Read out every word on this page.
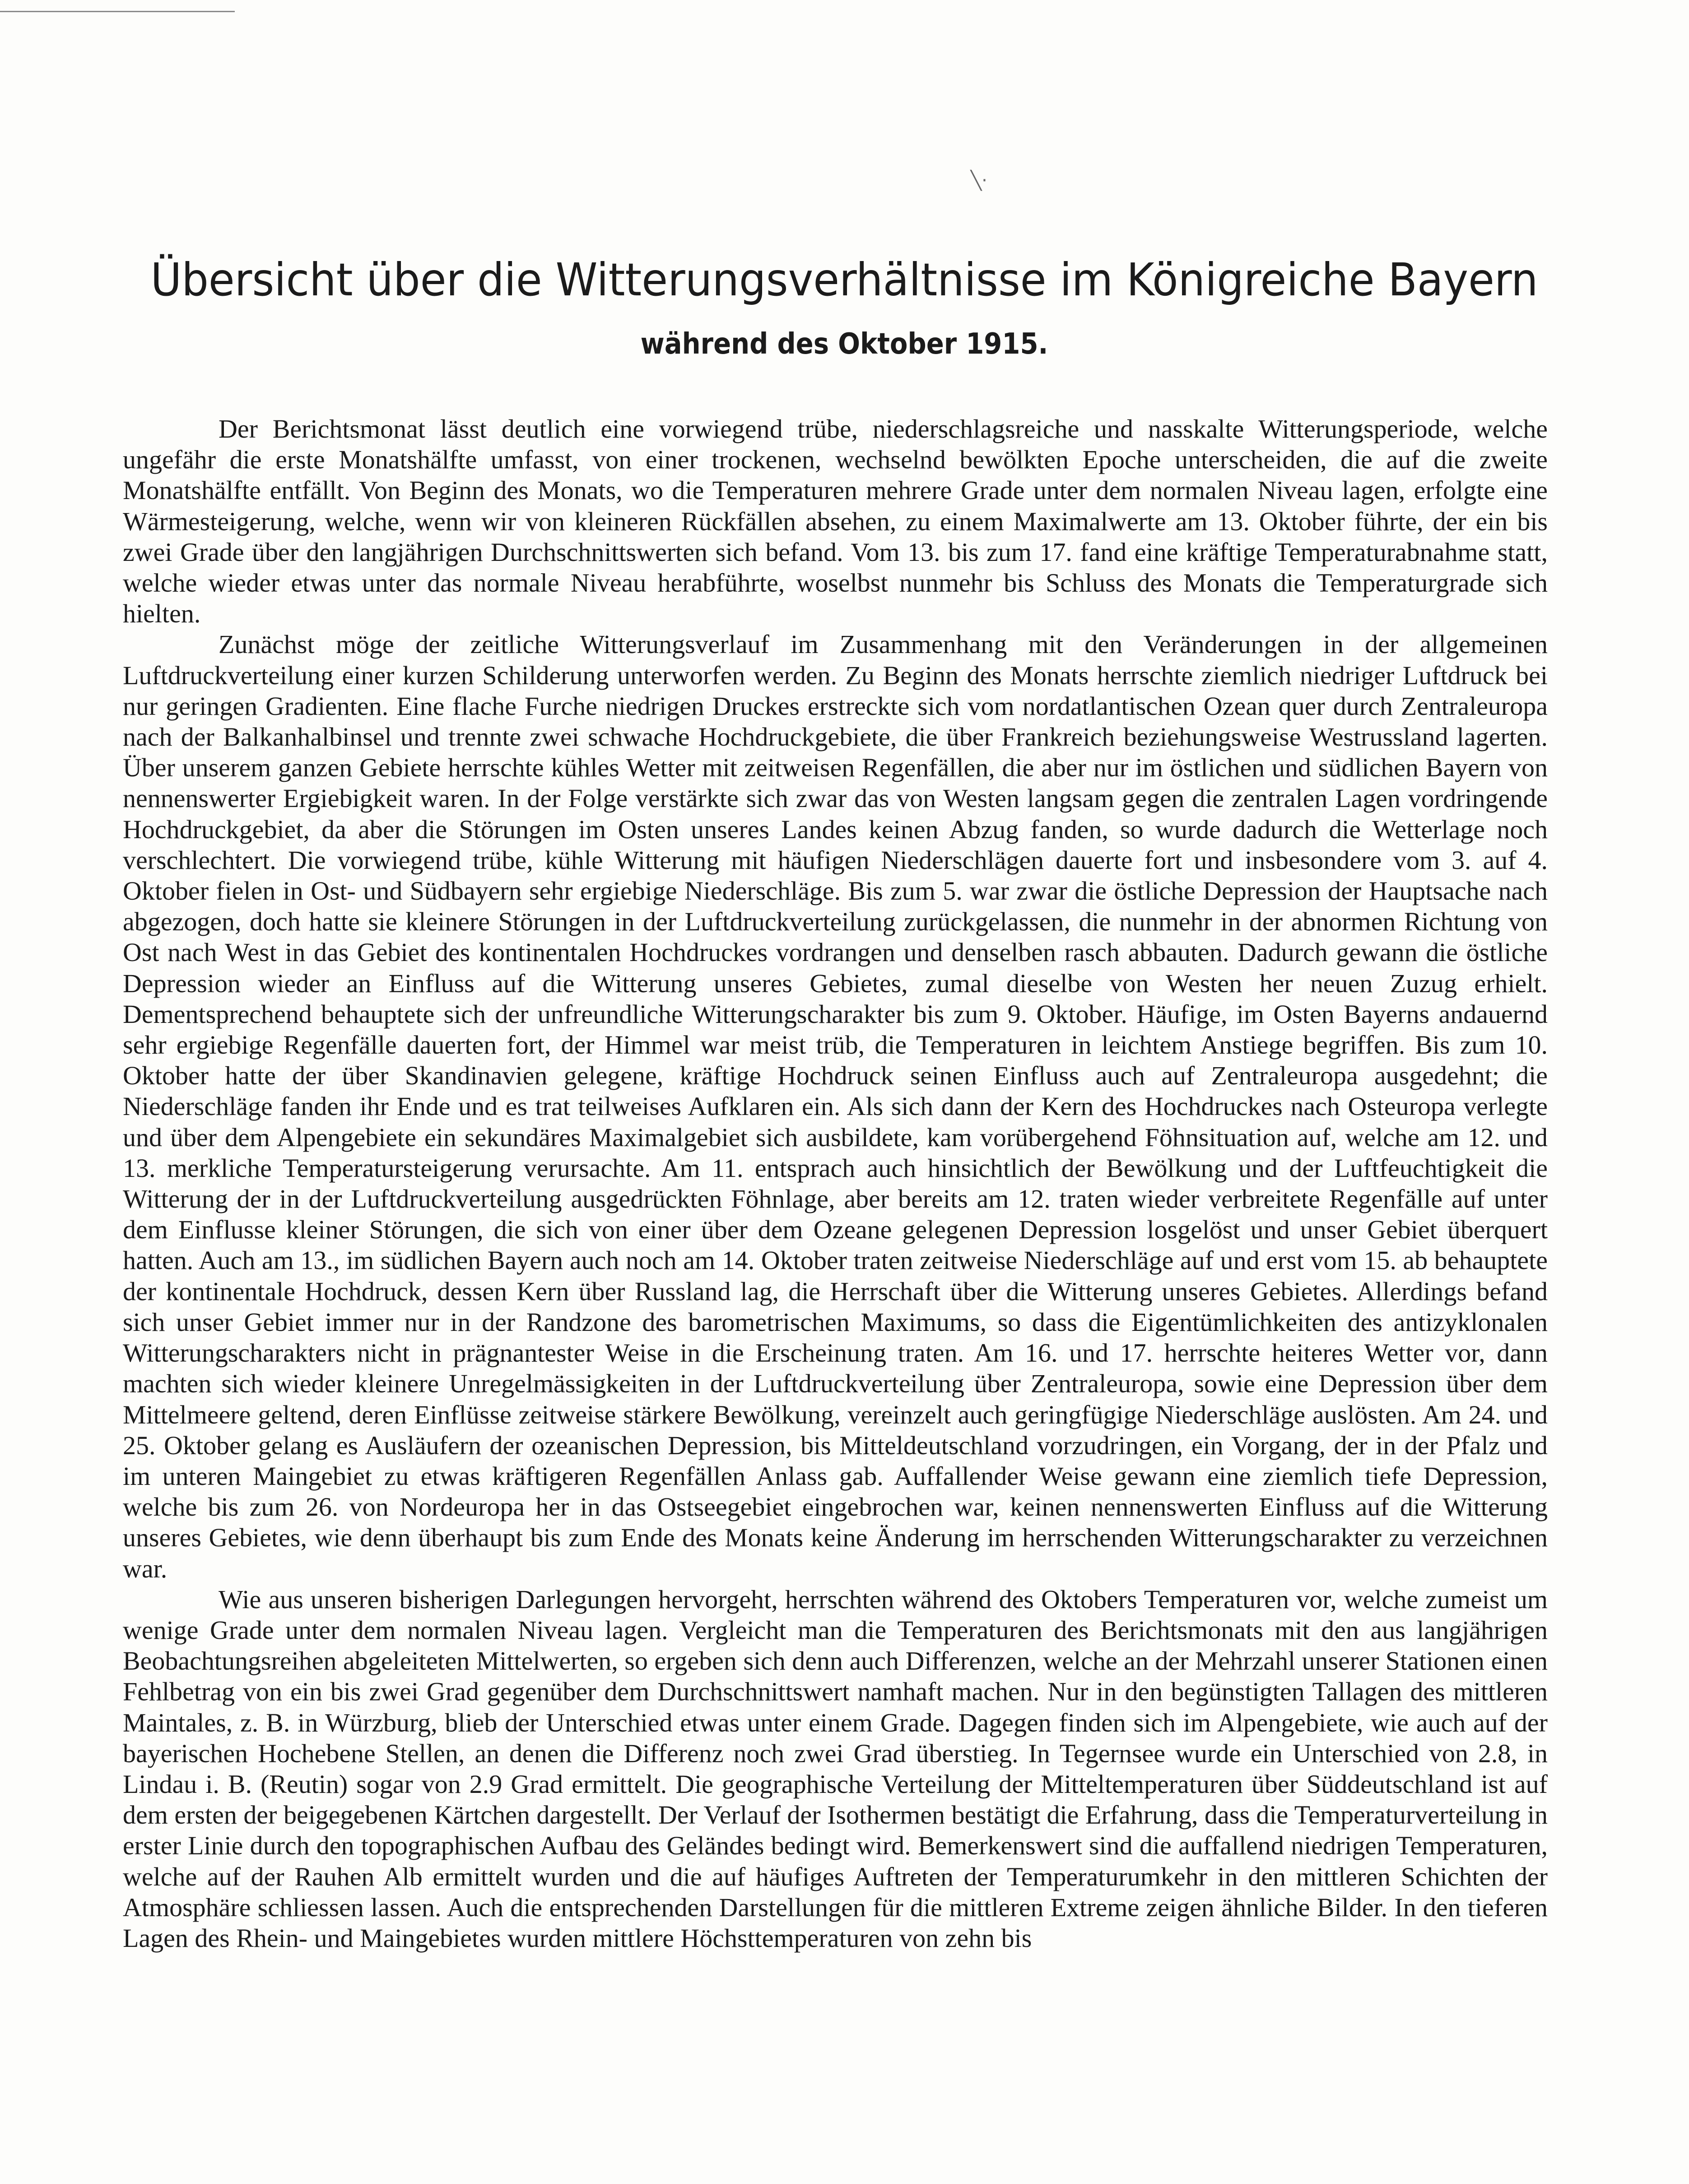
╲·
Übersicht über die Witterungsverhältnisse im Königreiche Bayern
während des Oktober 1915.

Der Berichtsmonat lässt deutlich eine vorwiegend trübe, niederschlagsreiche und nasskalte Witterungsperiode, welche ungefähr die erste Monatshälfte umfasst, von einer trockenen, wechselnd bewölkten Epoche unterscheiden, die auf die zweite Monatshälfte entfällt. Von Beginn des Monats, wo die Temperaturen mehrere Grade unter dem normalen Niveau lagen, erfolgte eine Wärmesteigerung, welche, wenn wir von kleineren Rückfällen absehen, zu einem Maximalwerte am 13. Oktober führte, der ein bis zwei Grade über den langjährigen Durchschnittswerten sich befand. Vom 13. bis zum 17. fand eine kräftige Temperaturabnahme statt, welche wieder etwas unter das normale Niveau herabführte, woselbst nunmehr bis Schluss des Monats die Temperaturgrade sich hielten.

Zunächst möge der zeitliche Witterungsverlauf im Zusammenhang mit den Veränderungen in der allgemeinen Luftdruckverteilung einer kurzen Schilderung unterworfen werden. Zu Beginn des Monats herrschte ziemlich niedriger Luftdruck bei nur geringen Gradienten. Eine flache Furche niedrigen Druckes erstreckte sich vom nordatlantischen Ozean quer durch Zentraleuropa nach der Balkanhalbinsel und trennte zwei schwache Hochdruckgebiete, die über Frankreich beziehungsweise Westrussland lagerten. Über unserem ganzen Gebiete herrschte kühles Wetter mit zeitweisen Regenfällen, die aber nur im östlichen und südlichen Bayern von nennenswerter Ergiebigkeit waren. In der Folge verstärkte sich zwar das von Westen langsam gegen die zentralen Lagen vordringende Hochdruckgebiet, da aber die Störungen im Osten unseres Landes keinen Abzug fanden, so wurde dadurch die Wetterlage noch verschlechtert. Die vorwiegend trübe, kühle Witterung mit häufigen Niederschlägen dauerte fort und insbesondere vom 3. auf 4. Oktober fielen in Ost- und Südbayern sehr ergiebige Niederschläge. Bis zum 5. war zwar die östliche Depression der Hauptsache nach abgezogen, doch hatte sie kleinere Störungen in der Luftdruckverteilung zurückgelassen, die nunmehr in der abnormen Richtung von Ost nach West in das Gebiet des kontinentalen Hochdruckes vordrangen und denselben rasch abbauten. Dadurch gewann die östliche Depression wieder an Einfluss auf die Witterung unseres Gebietes, zumal dieselbe von Westen her neuen Zuzug erhielt. Dementsprechend behauptete sich der unfreundliche Witterungscharakter bis zum 9. Oktober. Häufige, im Osten Bayerns andauernd sehr ergiebige Regenfälle dauerten fort, der Himmel war meist trüb, die Temperaturen in leichtem Anstiege begriffen. Bis zum 10. Oktober hatte der über Skandinavien gelegene, kräftige Hochdruck seinen Einfluss auch auf Zentraleuropa ausgedehnt; die Niederschläge fanden ihr Ende und es trat teilweises Aufklaren ein. Als sich dann der Kern des Hochdruckes nach Osteuropa verlegte und über dem Alpengebiete ein sekundäres Maximalgebiet sich ausbildete, kam vorübergehend Föhnsituation auf, welche am 12. und 13. merkliche Temperatursteigerung verursachte. Am 11. entsprach auch hinsichtlich der Bewölkung und der Luftfeuchtigkeit die Witterung der in der Luftdruckverteilung ausgedrückten Föhnlage, aber bereits am 12. traten wieder verbreitete Regenfälle auf unter dem Einflusse kleiner Störungen, die sich von einer über dem Ozeane gelegenen Depression losgelöst und unser Gebiet überquert hatten. Auch am 13., im südlichen Bayern auch noch am 14. Oktober traten zeitweise Niederschläge auf und erst vom 15. ab behauptete der kontinentale Hochdruck, dessen Kern über Russland lag, die Herrschaft über die Witterung unseres Gebietes. Allerdings befand sich unser Gebiet immer nur in der Randzone des barometrischen Maximums, so dass die Eigentümlichkeiten des antizyklonalen Witterungscharakters nicht in prägnantester Weise in die Erscheinung traten. Am 16. und 17. herrschte heiteres Wetter vor, dann machten sich wieder kleinere Unregelmässigkeiten in der Luftdruckverteilung über Zentraleuropa, sowie eine Depression über dem Mittelmeere geltend, deren Einflüsse zeitweise stärkere Bewölkung, vereinzelt auch geringfügige Niederschläge auslösten. Am 24. und 25. Oktober gelang es Ausläufern der ozeanischen Depression, bis Mitteldeutschland vorzudringen, ein Vorgang, der in der Pfalz und im unteren Maingebiet zu etwas kräftigeren Regenfällen Anlass gab. Auffallender Weise gewann eine ziemlich tiefe Depression, welche bis zum 26. von Nordeuropa her in das Ostseegebiet eingebrochen war, keinen nennenswerten Einfluss auf die Witterung unseres Gebietes, wie denn überhaupt bis zum Ende des Monats keine Änderung im herrschenden Witterungscharakter zu verzeichnen war.

Wie aus unseren bisherigen Darlegungen hervorgeht, herrschten während des Oktobers Temperaturen vor, welche zumeist um wenige Grade unter dem normalen Niveau lagen. Vergleicht man die Temperaturen des Berichtsmonats mit den aus langjährigen Beobachtungsreihen abgeleiteten Mittelwerten, so ergeben sich denn auch Differenzen, welche an der Mehrzahl unserer Stationen einen Fehlbetrag von ein bis zwei Grad gegenüber dem Durchschnittswert namhaft machen. Nur in den begünstigten Tallagen des mittleren Maintales, z. B. in Würzburg, blieb der Unterschied etwas unter einem Grade. Dagegen finden sich im Alpengebiete, wie auch auf der bayerischen Hochebene Stellen, an denen die Differenz noch zwei Grad überstieg. In Tegernsee wurde ein Unterschied von 2.8, in Lindau i. B. (Reutin) sogar von 2.9 Grad ermittelt. Die geographische Verteilung der Mitteltemperaturen über Süddeutschland ist auf dem ersten der beigegebenen Kärtchen dargestellt. Der Verlauf der Isothermen bestätigt die Erfahrung, dass die Temperaturverteilung in erster Linie durch den topographischen Aufbau des Geländes bedingt wird. Bemerkenswert sind die auffallend niedrigen Temperaturen, welche auf der Rauhen Alb ermittelt wurden und die auf häufiges Auftreten der Temperaturumkehr in den mittleren Schichten der Atmosphäre schliessen lassen. Auch die entsprechenden Darstellungen für die mittleren Extreme zeigen ähnliche Bilder. In den tieferen Lagen des Rhein- und Maingebietes wurden mittlere Höchsttemperaturen von zehn bis
